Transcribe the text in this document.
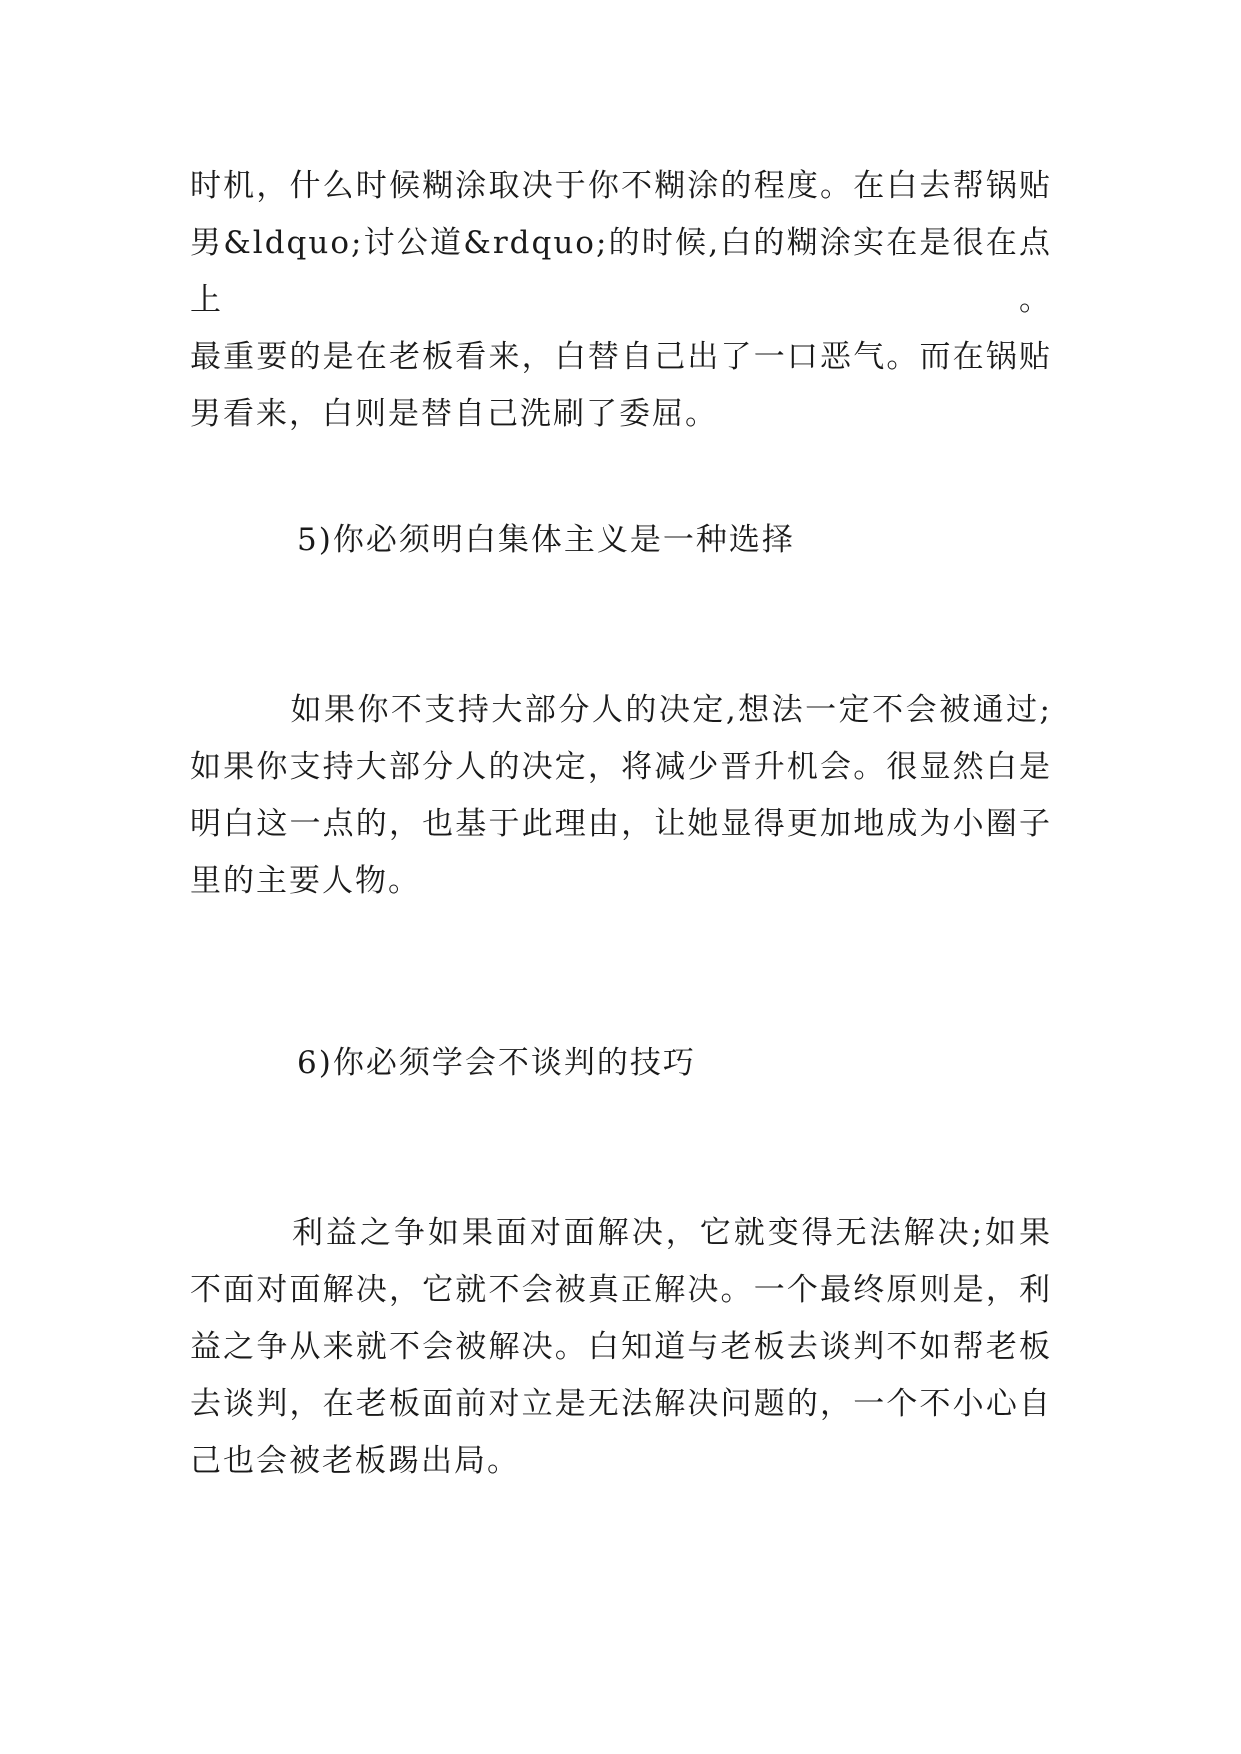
时机，什么时候糊涂取决于你不糊涂的程度。在白去帮锅贴
男&ldquo;讨公道&rdquo;的时候,白的糊涂实在是很在点上。
最重要的是在老板看来，白替自己出了一口恶气。而在锅贴
男看来，白则是替自己洗刷了委屈。

5)你必须明白集体主义是一种选择

　　　如果你不支持大部分人的决定,想法一定不会被通过;
如果你支持大部分人的决定，将减少晋升机会。很显然白是
明白这一点的，也基于此理由，让她显得更加地成为小圈子
里的主要人物。

6)你必须学会不谈判的技巧

　　　利益之争如果面对面解决，它就变得无法解决;如果
不面对面解决，它就不会被真正解决。一个最终原则是，利
益之争从来就不会被解决。白知道与老板去谈判不如帮老板
去谈判，在老板面前对立是无法解决问题的，一个不小心自
己也会被老板踢出局。
